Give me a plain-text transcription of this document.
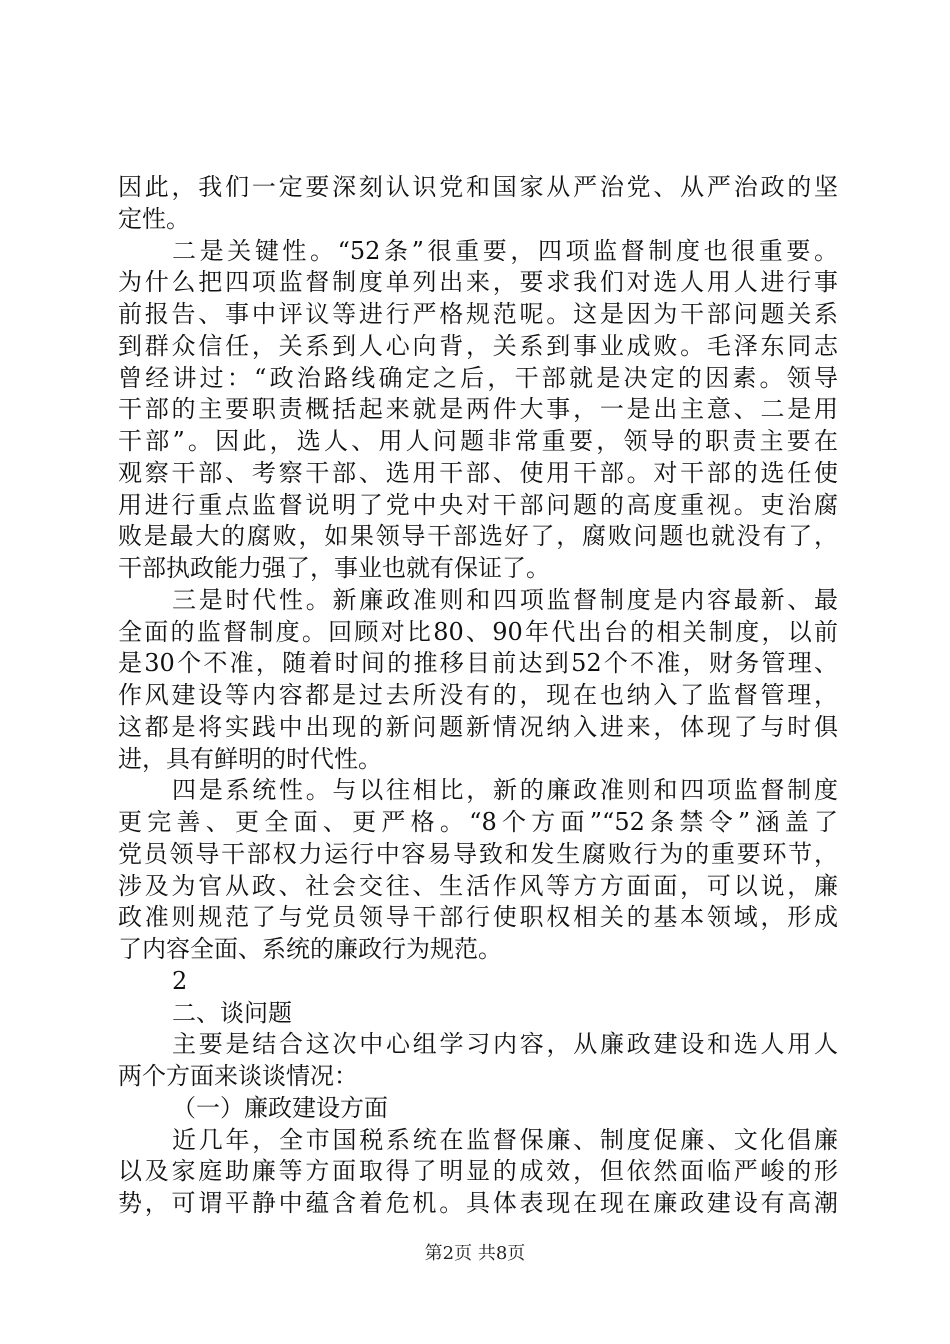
因此，我们一定要深刻认识党和国家从严治党、从严治政的坚
定性。
二是关键性。“52条”很重要，四项监督制度也很重要。
为什么把四项监督制度单列出来，要求我们对选人用人进行事
前报告、事中评议等进行严格规范呢。这是因为干部问题关系
到群众信任，关系到人心向背，关系到事业成败。毛泽东同志
曾经讲过：“政治路线确定之后，干部就是决定的因素。领导
干部的主要职责概括起来就是两件大事，一是出主意、二是用
干部”。因此，选人、用人问题非常重要，领导的职责主要在
观察干部、考察干部、选用干部、使用干部。对干部的选任使
用进行重点监督说明了党中央对干部问题的高度重视。吏治腐
败是最大的腐败，如果领导干部选好了，腐败问题也就没有了，
干部执政能力强了，事业也就有保证了。
三是时代性。新廉政准则和四项监督制度是内容最新、最
全面的监督制度。回顾对比80、90年代出台的相关制度，以前
是30个不准，随着时间的推移目前达到52个不准，财务管理、
作风建设等内容都是过去所没有的，现在也纳入了监督管理，
这都是将实践中出现的新问题新情况纳入进来，体现了与时俱
进，具有鲜明的时代性。
四是系统性。与以往相比，新的廉政准则和四项监督制度
更完善、更全面、更严格。“8个方面”“52条禁令”涵盖了
党员领导干部权力运行中容易导致和发生腐败行为的重要环节，
涉及为官从政、社会交往、生活作风等方方面面，可以说，廉
政准则规范了与党员领导干部行使职权相关的基本领域，形成
了内容全面、系统的廉政行为规范。
2
二、谈问题
主要是结合这次中心组学习内容，从廉政建设和选人用人
两个方面来谈谈情况：
（一）廉政建设方面
近几年，全市国税系统在监督保廉、制度促廉、文化倡廉
以及家庭助廉等方面取得了明显的成效，但依然面临严峻的形
势，可谓平静中蕴含着危机。具体表现在现在廉政建设有高潮
第2页 共8页
